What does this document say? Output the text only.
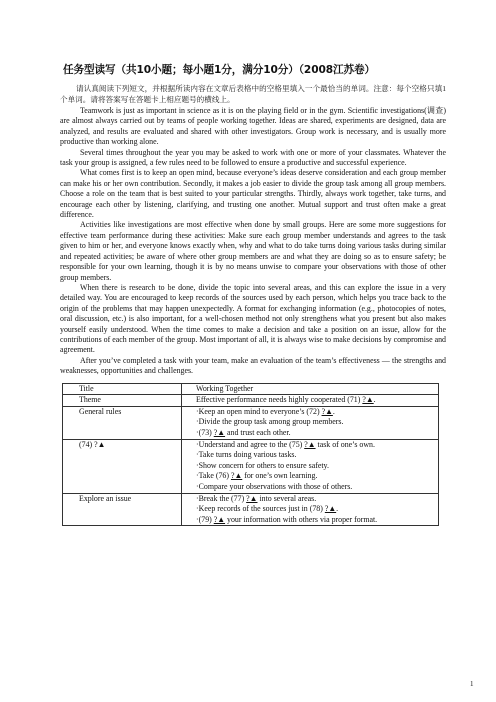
任务型读写（共10小题；每小题1分，满分10分）（2008江苏卷）

请认真阅读下列短文，并根据所读内容在文章后表格中的空格里填入一个最恰当的单词。注意：每个空格只填1个单词。请将答案写在答题卡上相应题号的横线上。

Teamwork is just as important in science as it is on the playing field or in the gym. Scientific investigations(调查) are almost always carried out by teams of people working together. Ideas are shared, experiments are designed, data are analyzed, and results are evaluated and shared with other investigators. Group work is necessary, and is usually more productive than working alone.

Several times throughout the year you may be asked to work with one or more of your classmates. Whatever the task your group is assigned, a few rules need to be followed to ensure a productive and successful experience.

What comes first is to keep an open mind, because everyone’s ideas deserve consideration and each group member can make his or her own contribution. Secondly, it makes a job easier to divide the group task among all group members. Choose a role on the team that is best suited to your particular strengths. Thirdly, always work together, take turns, and encourage each other by listening, clarifying, and trusting one another. Mutual support and trust often make a great difference.

Activities like investigations are most effective when done by small groups. Here are some more suggestions for effective team performance during these activities: Make sure each group member understands and agrees to the task given to him or her, and everyone knows exactly when, why and what to do take turns doing various tasks during similar and repeated activities; be aware of where other group members are and what they are doing so as to ensure safety; be responsible for your own learning, though it is by no means unwise to compare your observations with those of other group members.

When there is research to be done, divide the topic into several areas, and this can explore the issue in a very detailed way. You are encouraged to keep records of the sources used by each person, which helps you trace back to the origin of the problems that may happen unexpectedly. A format for exchanging information (e.g., photocopies of notes, oral discussion, etc.) is also important, for a well-chosen method not only strengthens what you present but also makes yourself easily understood. When the time comes to make a decision and take a position on an issue, allow for the contributions of each member of the group. Most important of all, it is always wise to make decisions by compromise and agreement.

After you’ve completed a task with your team, make an evaluation of the team’s effectiveness — the strengths and weaknesses, opportunities and challenges.

Title	Working Together

Theme	Effective performance needs highly cooperated (71) ?▲.

General rules	·Keep an open mind to everyone’s (72) ?▲.
·Divide the group task among group members.
·(73) ?▲ and trust each other.

(74) ?▲	·Understand and agree to the (75) ?▲ task of one’s own.
·Take turns doing various tasks.
·Show concern for others to ensure safety.
·Take (76) ?▲ for one’s own learning.
·Compare your observations with those of others.

Explore an issue	·Break the (77) ?▲ into several areas.
·Keep records of the sources just in (78) ?▲.
·(79) ?▲ your information with others via proper format.
1
